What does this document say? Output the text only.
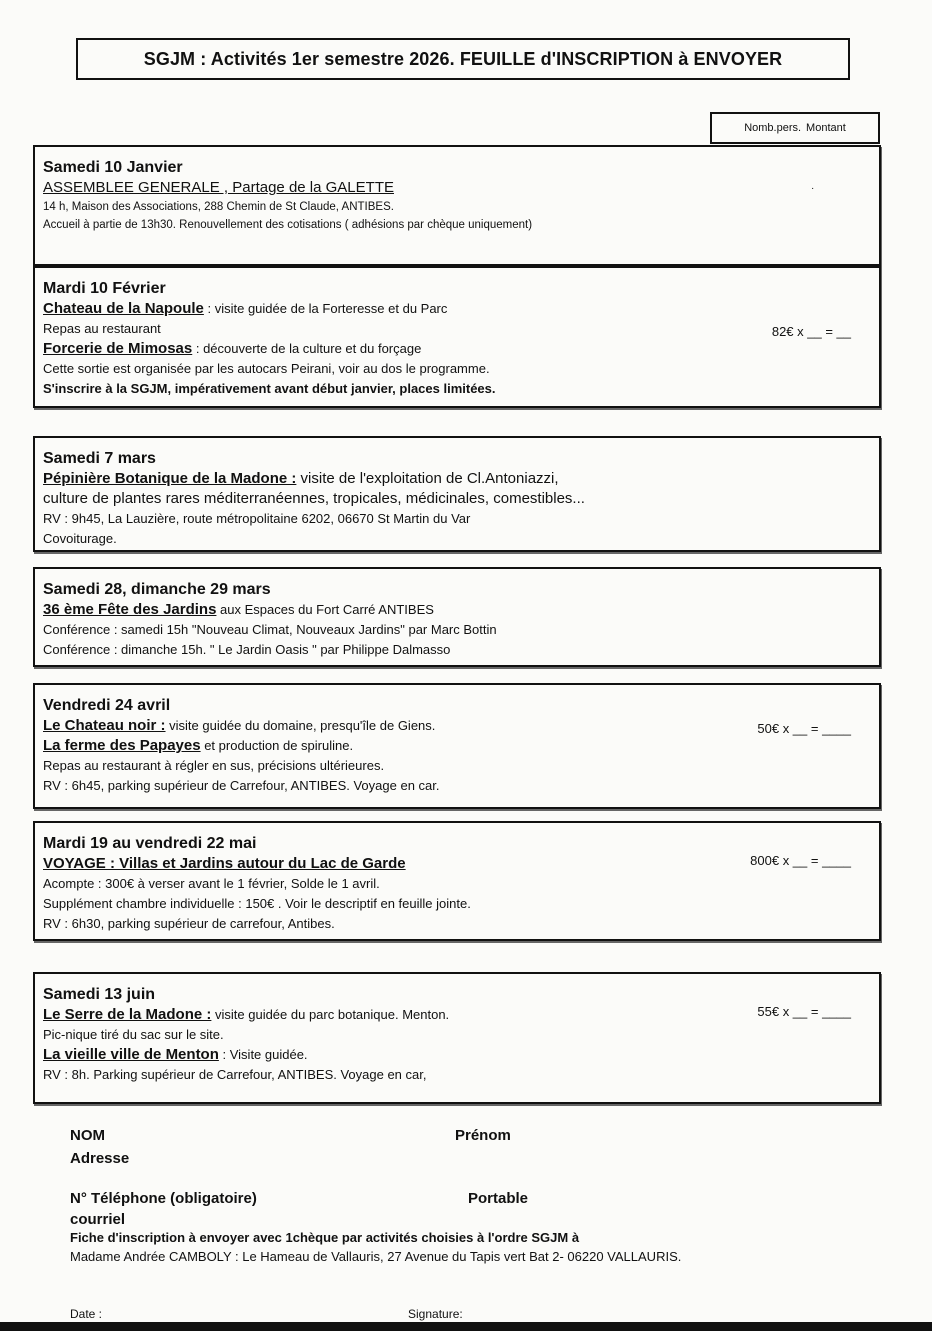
SGJM : Activités 1er semestre 2026. FEUILLE d'INSCRIPTION à ENVOYER
Nomb.pers. Montant
Samedi 10 Janvier
ASSEMBLEE GENERALE , Partage de la GALETTE
14 h, Maison des Associations, 288 Chemin de St Claude, ANTIBES.
Accueil à partie de 13h30. Renouvellement des cotisations ( adhésions par chèque uniquement)
·
Mardi 10 Février
Chateau de la Napoule : visite guidée de la Forteresse et du Parc
Repas au restaurant
Forcerie de Mimosas : découverte de la culture et du forçage
Cette sortie est organisée par les autocars Peirani, voir au dos le programme.
S'inscrire à la SGJM, impérativement avant début janvier, places limitées.
82€ x __ = __
Samedi 7 mars
Pépinière Botanique de la Madone : visite de l'exploitation de Cl.Antoniazzi,
culture de plantes rares méditerranéennes, tropicales, médicinales, comestibles...
RV : 9h45, La Lauzière, route métropolitaine 6202, 06670 St Martin du Var
Covoiturage.
Samedi 28, dimanche 29 mars
36 ème Fête des Jardins aux Espaces du Fort Carré ANTIBES
Conférence : samedi 15h "Nouveau Climat, Nouveaux Jardins" par Marc Bottin
Conférence : dimanche 15h. " Le Jardin Oasis " par Philippe Dalmasso
Vendredi 24 avril
Le Chateau noir : visite guidée du domaine, presqu'île de Giens.
La ferme des Papayes et production de spiruline.
Repas au restaurant à régler en sus, précisions ultérieures.
RV : 6h45, parking supérieur de Carrefour, ANTIBES. Voyage en car.
50€ x __ = ____
Mardi 19 au vendredi 22 mai
VOYAGE : Villas et Jardins autour du Lac de Garde
Acompte : 300€ à verser avant le 1 février, Solde le 1 avril.
Supplément chambre individuelle : 150€ . Voir le descriptif en feuille jointe.
RV : 6h30, parking supérieur de carrefour, Antibes.
800€ x __ = ____
Samedi 13 juin
Le Serre de la Madone : visite guidée du parc botanique. Menton.
Pic-nique tiré du sac sur le site.
La vieille ville de Menton : Visite guidée.
RV : 8h. Parking supérieur de Carrefour, ANTIBES. Voyage en car,
55€ x __ = ____
NOM	Prénom
Adresse
N° Téléphone (obligatoire)	Portable
courriel
Fiche d'inscription à envoyer avec 1chèque par activités choisies à l'ordre SGJM à
Madame Andrée CAMBOLY : Le Hameau de Vallauris, 27 Avenue du Tapis vert Bat 2- 06220 VALLAURIS.
Date :	Signature:
